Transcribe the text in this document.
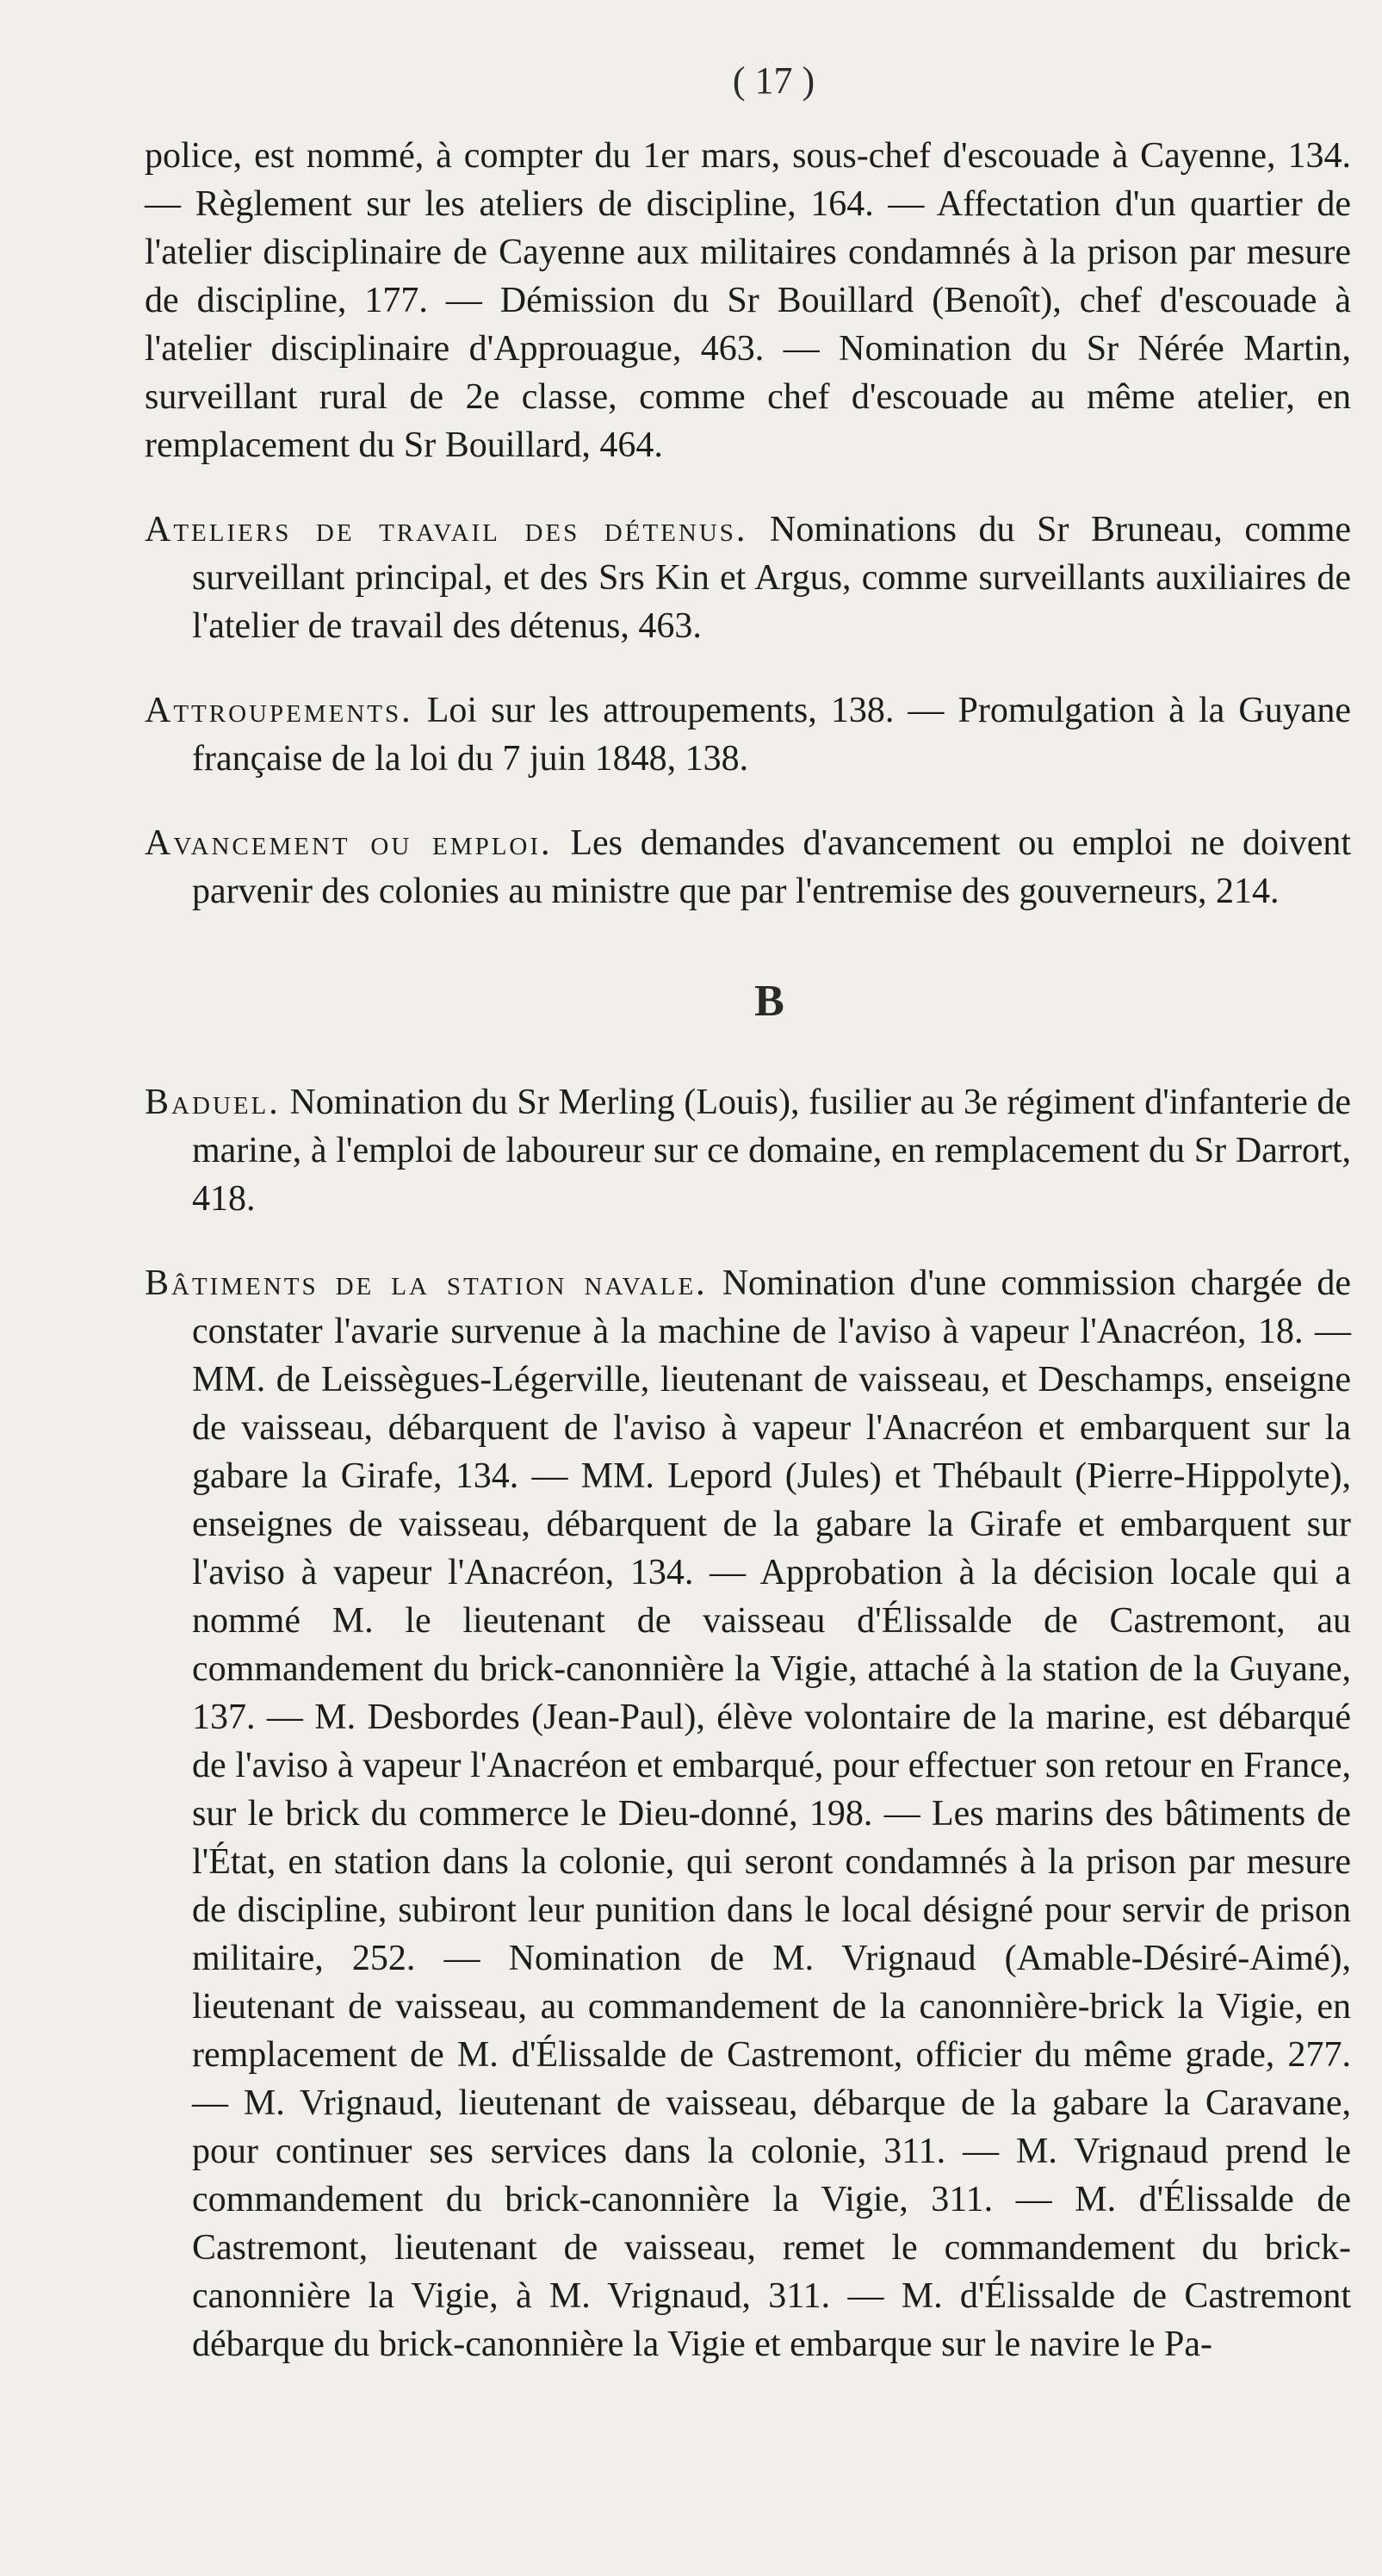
( 17 )

police, est nommé, à compter du 1er mars, sous-chef d'escouade à Cayenne, 134. — Règlement sur les ateliers de discipline, 164. — Affectation d'un quartier de l'atelier disciplinaire de Cayenne aux militaires condamnés à la prison par mesure de discipline, 177. — Démission du Sr Bouillard (Benoît), chef d'escouade à l'atelier disciplinaire d'Approuague, 463. — Nomination du Sr Nérée Martin, surveillant rural de 2e classe, comme chef d'escouade au même atelier, en remplacement du Sr Bouillard, 464.

Ateliers de travail des détenus. Nominations du Sr Bruneau, comme surveillant principal, et des Srs Kin et Argus, comme surveillants auxiliaires de l'atelier de travail des détenus, 463.

Attroupements. Loi sur les attroupements, 138. — Promulgation à la Guyane française de la loi du 7 juin 1848, 138.

Avancement ou emploi. Les demandes d'avancement ou emploi ne doivent parvenir des colonies au ministre que par l'entremise des gouverneurs, 214.

B

Baduel. Nomination du Sr Merling (Louis), fusilier au 3e régiment d'infanterie de marine, à l'emploi de laboureur sur ce domaine, en remplacement du Sr Darrort, 418.

Bâtiments de la station navale. Nomination d'une commission chargée de constater l'avarie survenue à la machine de l'aviso à vapeur l'Anacréon, 18. — MM. de Leissègues-Légerville, lieutenant de vaisseau, et Deschamps, enseigne de vaisseau, débarquent de l'aviso à vapeur l'Anacréon et embarquent sur la gabare la Girafe, 134. — MM. Lepord (Jules) et Thébault (Pierre-Hippolyte), enseignes de vaisseau, débarquent de la gabare la Girafe et embarquent sur l'aviso à vapeur l'Anacréon, 134. — Approbation à la décision locale qui a nommé M. le lieutenant de vaisseau d'Élissalde de Castremont, au commandement du brick-canonnière la Vigie, attaché à la station de la Guyane, 137. — M. Desbordes (Jean-Paul), élève volontaire de la marine, est débarqué de l'aviso à vapeur l'Anacréon et embarqué, pour effectuer son retour en France, sur le brick du commerce le Dieu-donné, 198. — Les marins des bâtiments de l'État, en station dans la colonie, qui seront condamnés à la prison par mesure de discipline, subiront leur punition dans le local désigné pour servir de prison militaire, 252. — Nomination de M. Vrignaud (Amable-Désiré-Aimé), lieutenant de vaisseau, au commandement de la canonnière-brick la Vigie, en remplacement de M. d'Élissalde de Castremont, officier du même grade, 277. — M. Vrignaud, lieutenant de vaisseau, débarque de la gabare la Caravane, pour continuer ses services dans la colonie, 311. — M. Vrignaud prend le commandement du brick-canonnière la Vigie, 311. — M. d'Élissalde de Castremont, lieutenant de vaisseau, remet le commandement du brick-canonnière la Vigie, à M. Vrignaud, 311. — M. d'Élissalde de Castremont débarque du brick-canonnière la Vigie et embarque sur le navire le Pa-
